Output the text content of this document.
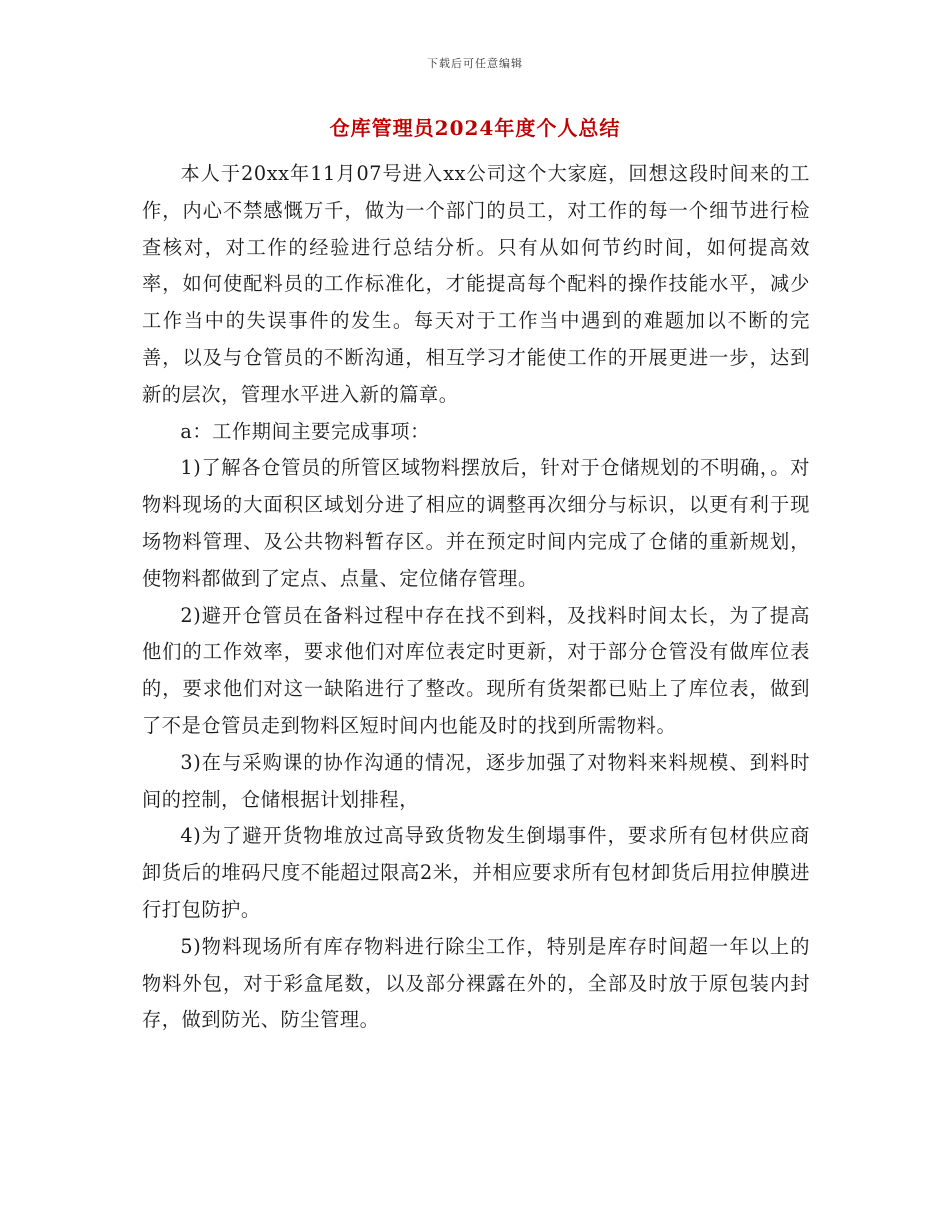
下载后可任意编辑
仓库管理员2024年度个人总结

本人于20xx年11月07号进入xx公司这个大家庭，回想这段时间来的工作，内心不禁感慨万千，做为一个部门的员工，对工作的每一个细节进行检查核对，对工作的经验进行总结分析。只有从如何节约时间，如何提高效率，如何使配料员的工作标准化，才能提高每个配料的操作技能水平，减少工作当中的失误事件的发生。每天对于工作当中遇到的难题加以不断的完善，以及与仓管员的不断沟通，相互学习才能使工作的开展更进一步，达到新的层次，管理水平进入新的篇章。

a：工作期间主要完成事项：

1)了解各仓管员的所管区域物料摆放后，针对于仓储规划的不明确，。对物料现场的大面积区域划分进了相应的调整再次细分与标识，以更有利于现场物料管理、及公共物料暂存区。并在预定时间内完成了仓储的重新规划，使物料都做到了定点、点量、定位储存管理。

2)避开仓管员在备料过程中存在找不到料，及找料时间太长，为了提高他们的工作效率，要求他们对库位表定时更新，对于部分仓管没有做库位表的，要求他们对这一缺陷进行了整改。现所有货架都已贴上了库位表，做到了不是仓管员走到物料区短时间内也能及时的找到所需物料。

3)在与采购课的协作沟通的情况，逐步加强了对物料来料规模、到料时间的控制，仓储根据计划排程，

4)为了避开货物堆放过高导致货物发生倒塌事件，要求所有包材供应商卸货后的堆码尺度不能超过限高2米，并相应要求所有包材卸货后用拉伸膜进行打包防护。

5)物料现场所有库存物料进行除尘工作，特别是库存时间超一年以上的物料外包，对于彩盒尾数，以及部分裸露在外的，全部及时放于原包装内封存，做到防光、防尘管理。
